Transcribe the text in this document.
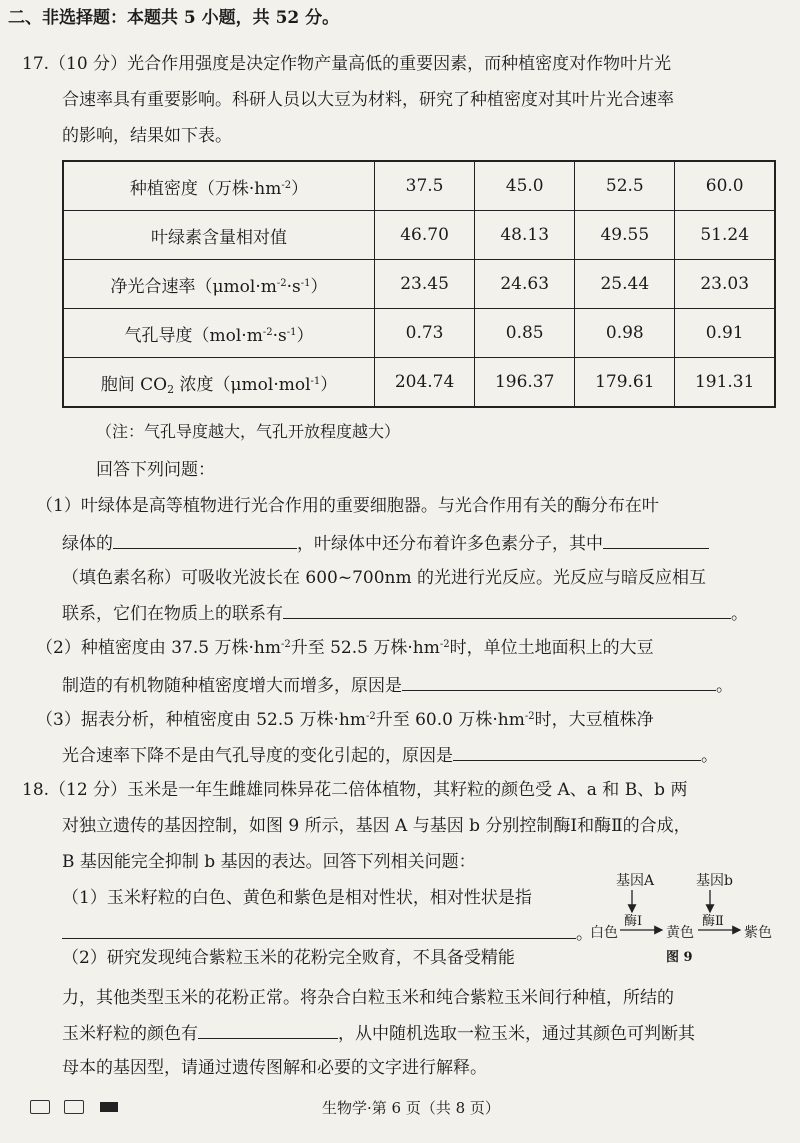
二、非选择题：本题共 5 小题，共 52 分。
17.（10 分）光合作用强度是决定作物产量高低的重要因素，而种植密度对作物叶片光
合速率具有重要影响。科研人员以大豆为材料，研究了种植密度对其叶片光合速率
的影响，结果如下表。
种植密度（万株$\cdot hm^{-2}$）	37.5	45.0	52.5	60.0
叶绿素含量相对值	46.70	48.13	49.55	51.24
净光合速率$(\mu mol\cdot m^{-2}\cdot s^{-1})$	23.45	24.63	25.44	23.03
气孔导度$(mol\cdot m^{-2}\cdot s^{-1})$	0.73	0.85	0.98	0.91
胞间 $CO_2$ 浓度（μmol·mol$^{-1}$）	204.74	196.37	179.61	191.31
（注：气孔导度越大，气孔开放程度越大）
回答下列问题：
（1）叶绿体是高等植物进行光合作用的重要细胞器。与光合作用有关的酶分布在叶
绿体的	，叶绿体中还分布着许多色素分子，其中
（填色素名称）可吸收光波长在 600~700nm 的光进行光反应。光反应与暗反应相互
联系，它们在物质上的联系有	。
（2）种植密度由 37.5 万株$\cdot hm^{-2}$升至 52.5 万株$\cdot hm^{-2}$时，单位土地面积上的大豆
制造的有机物随种植密度增大而增多，原因是	。
（3）据表分析，种植密度由 52.5 万株$\cdot hm^{-2}$升至 60.0 万株$\cdot hm^{-2}$时，大豆植株净
光合速率下降不是由气孔导度的变化引起的，原因是	。
18.（12 分）玉米是一年生雌雄同株异花二倍体植物，其籽粒的颜色受 A、a 和 B、b 两
对独立遗传的基因控制，如图 9 所示，基因 A 与基因 b 分别控制酶Ⅰ和酶Ⅱ的合成，
B 基因能完全抑制 b 基因的表达。回答下列相关问题：
（1）玉米籽粒的白色、黄色和紫色是相对性状，相对性状是指
。
（2）研究发现纯合紫粒玉米的花粉完全败育，不具备受精能
力，其他类型玉米的花粉正常。将杂合白粒玉米和纯合紫粒玉米间行种植，所结的
玉米籽粒的颜色有	，从中随机选取一粒玉米，通过其颜色可判断其
母本的基因型，请通过遗传图解和必要的文字进行解释。
基因A	基因b
酶Ⅰ	酶Ⅱ
白色	黄色	紫色
图 9
生物学·第 6 页（共 8 页）
